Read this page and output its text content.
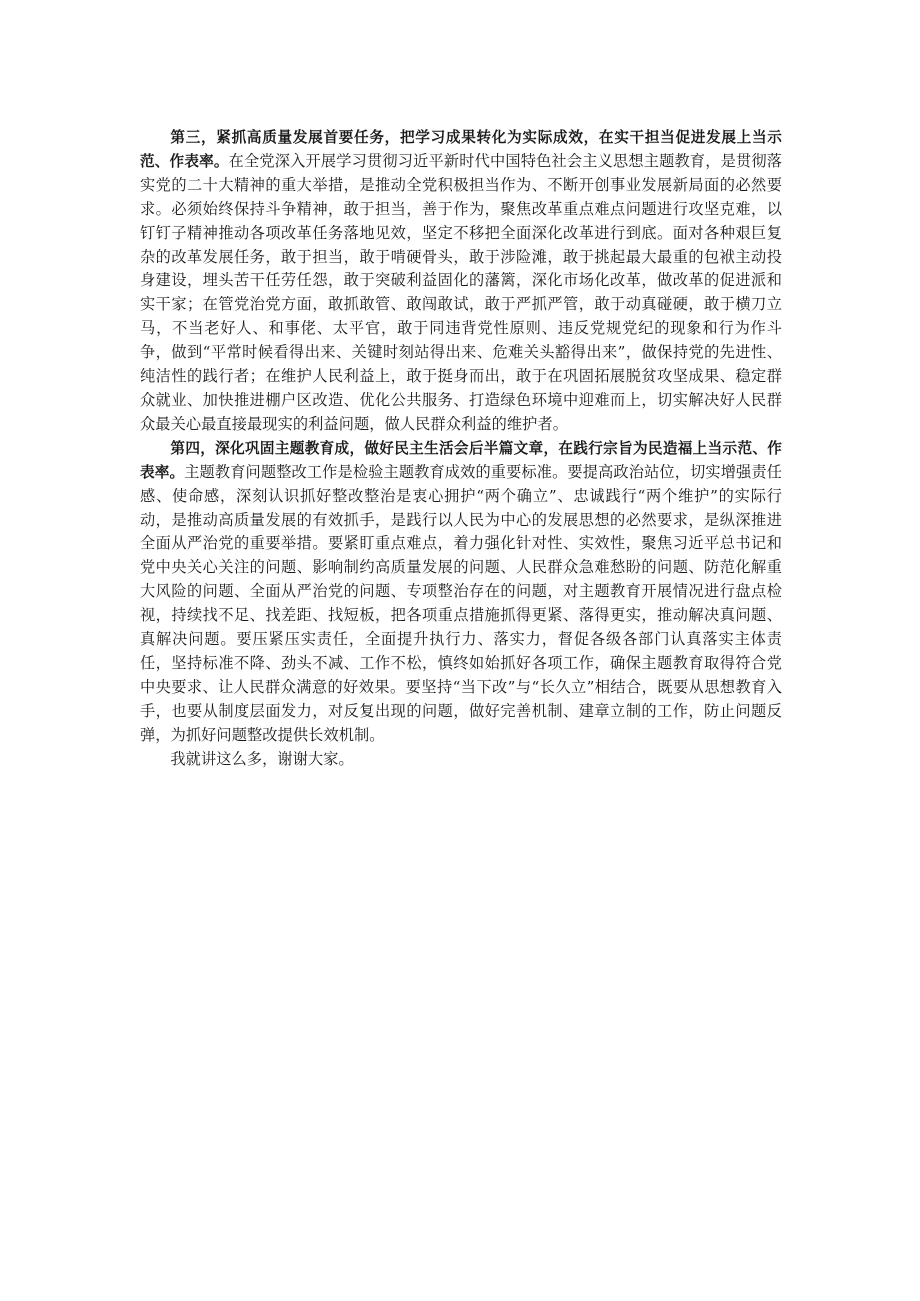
第三，紧抓高质量发展首要任务，把学习成果转化为实际成效，在实干担当促进发展上当示范、作表率。在全党深入开展学习贯彻习近平新时代中国特色社会主义思想主题教育，是贯彻落实党的二十大精神的重大举措，是推动全党积极担当作为、不断开创事业发展新局面的必然要求。必须始终保持斗争精神，敢于担当，善于作为，聚焦改革重点难点问题进行攻坚克难，以钉钉子精神推动各项改革任务落地见效，坚定不移把全面深化改革进行到底。面对各种艰巨复杂的改革发展任务，敢于担当，敢于啃硬骨头，敢于涉险滩，敢于挑起最大最重的包袱主动投身建设，埋头苦干任劳任怨，敢于突破利益固化的藩篱，深化市场化改革，做改革的促进派和实干家；在管党治党方面，敢抓敢管、敢闯敢试，敢于严抓严管，敢于动真碰硬，敢于横刀立马，不当老好人、和事佬、太平官，敢于同违背党性原则、违反党规党纪的现象和行为作斗争，做到“平常时候看得出来、关键时刻站得出来、危难关头豁得出来”，做保持党的先进性、纯洁性的践行者；在维护人民利益上，敢于挺身而出，敢于在巩固拓展脱贫攻坚成果、稳定群众就业、加快推进棚户区改造、优化公共服务、打造绿色环境中迎难而上，切实解决好人民群众最关心最直接最现实的利益问题，做人民群众利益的维护者。

第四，深化巩固主题教育成，做好民主生活会后半篇文章，在践行宗旨为民造福上当示范、作表率。主题教育问题整改工作是检验主题教育成效的重要标准。要提高政治站位，切实增强责任感、使命感，深刻认识抓好整改整治是衷心拥护“两个确立”、忠诚践行“两个维护”的实际行动，是推动高质量发展的有效抓手，是践行以人民为中心的发展思想的必然要求，是纵深推进全面从严治党的重要举措。要紧盯重点难点，着力强化针对性、实效性，聚焦习近平总书记和党中央关心关注的问题、影响制约高质量发展的问题、人民群众急难愁盼的问题、防范化解重大风险的问题、全面从严治党的问题、专项整治存在的问题，对主题教育开展情况进行盘点检视，持续找不足、找差距、找短板，把各项重点措施抓得更紧、落得更实，推动解决真问题、真解决问题。要压紧压实责任，全面提升执行力、落实力，督促各级各部门认真落实主体责任，坚持标准不降、劲头不减、工作不松，慎终如始抓好各项工作，确保主题教育取得符合党中央要求、让人民群众满意的好效果。要坚持“当下改”与“长久立”相结合，既要从思想教育入手，也要从制度层面发力，对反复出现的问题，做好完善机制、建章立制的工作，防止问题反弹，为抓好问题整改提供长效机制。

我就讲这么多，谢谢大家。
